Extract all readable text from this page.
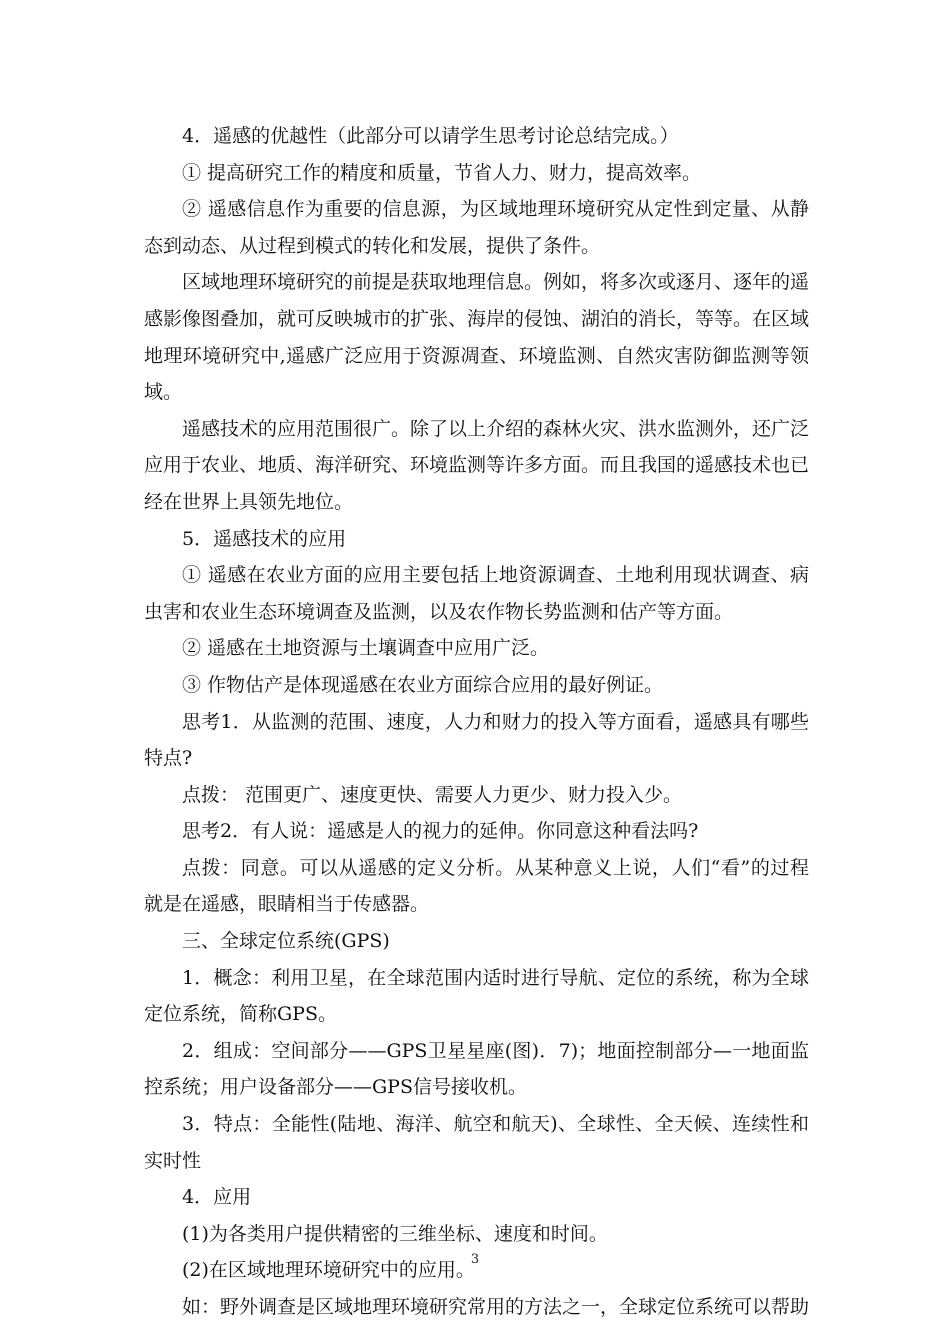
4．遥感的优越性（此部分可以请学生思考讨论总结完成。）

① 提高研究工作的精度和质量，节省人力、财力，提高效率。

② 遥感信息作为重要的信息源，为区域地理环境研究从定性到定量、从静态到动态、从过程到模式的转化和发展，提供了条件。

区域地理环境研究的前提是获取地理信息。例如，将多次或逐月、逐年的遥感影像图叠加，就可反映城市的扩张、海岸的侵蚀、湖泊的消长，等等。在区域地理环境研究中,遥感广泛应用于资源凋查、环境监测、自然灾害防御监测等领域。

遥感技术的应用范围很广。除了以上介绍的森林火灾、洪水监测外，还广泛应用于农业、地质、海洋研究、环境监测等许多方面。而且我国的遥感技术也已经在世界上具领先地位。

5．遥感技术的应用

① 遥感在农业方面的应用主要包括上地资源调查、土地利用现状调查、病虫害和农业生态环境调查及监测，以及农作物长势监测和估产等方面。

② 遥感在土地资源与土壤调查中应用广泛。

③ 作物估产是体现遥感在农业方面综合应用的最好例证。

思考1．从监测的范围、速度，人力和财力的投入等方面看，遥感具有哪些特点?

点拨： 范围更广、速度更快、需要人力更少、财力投入少。

思考2．有人说：遥感是人的视力的延伸。你同意这种看法吗?

点拨：同意。可以从遥感的定义分析。从某种意义上说，人们“看”的过程就是在遥感，眼睛相当于传感器。

三、全球定位系统(GPS)

1．概念：利用卫星，在全球范围内适时进行导航、定位的系统，称为全球定位系统，简称GPS。

2．组成：空间部分——GPS卫星星座(图)．7)；地面控制部分—一地面监控系统；用户设备部分——GPS信号接收机。

3．特点：全能性(陆地、海洋、航空和航天)、全球性、全天候、连续性和实时性

4．应用

(1)为各类用户提供精密的三维坐标、速度和时间。

(2)在区域地理环境研究中的应用。

如：野外调查是区域地理环境研究常用的方法之一，全球定位系统可以帮助

3
